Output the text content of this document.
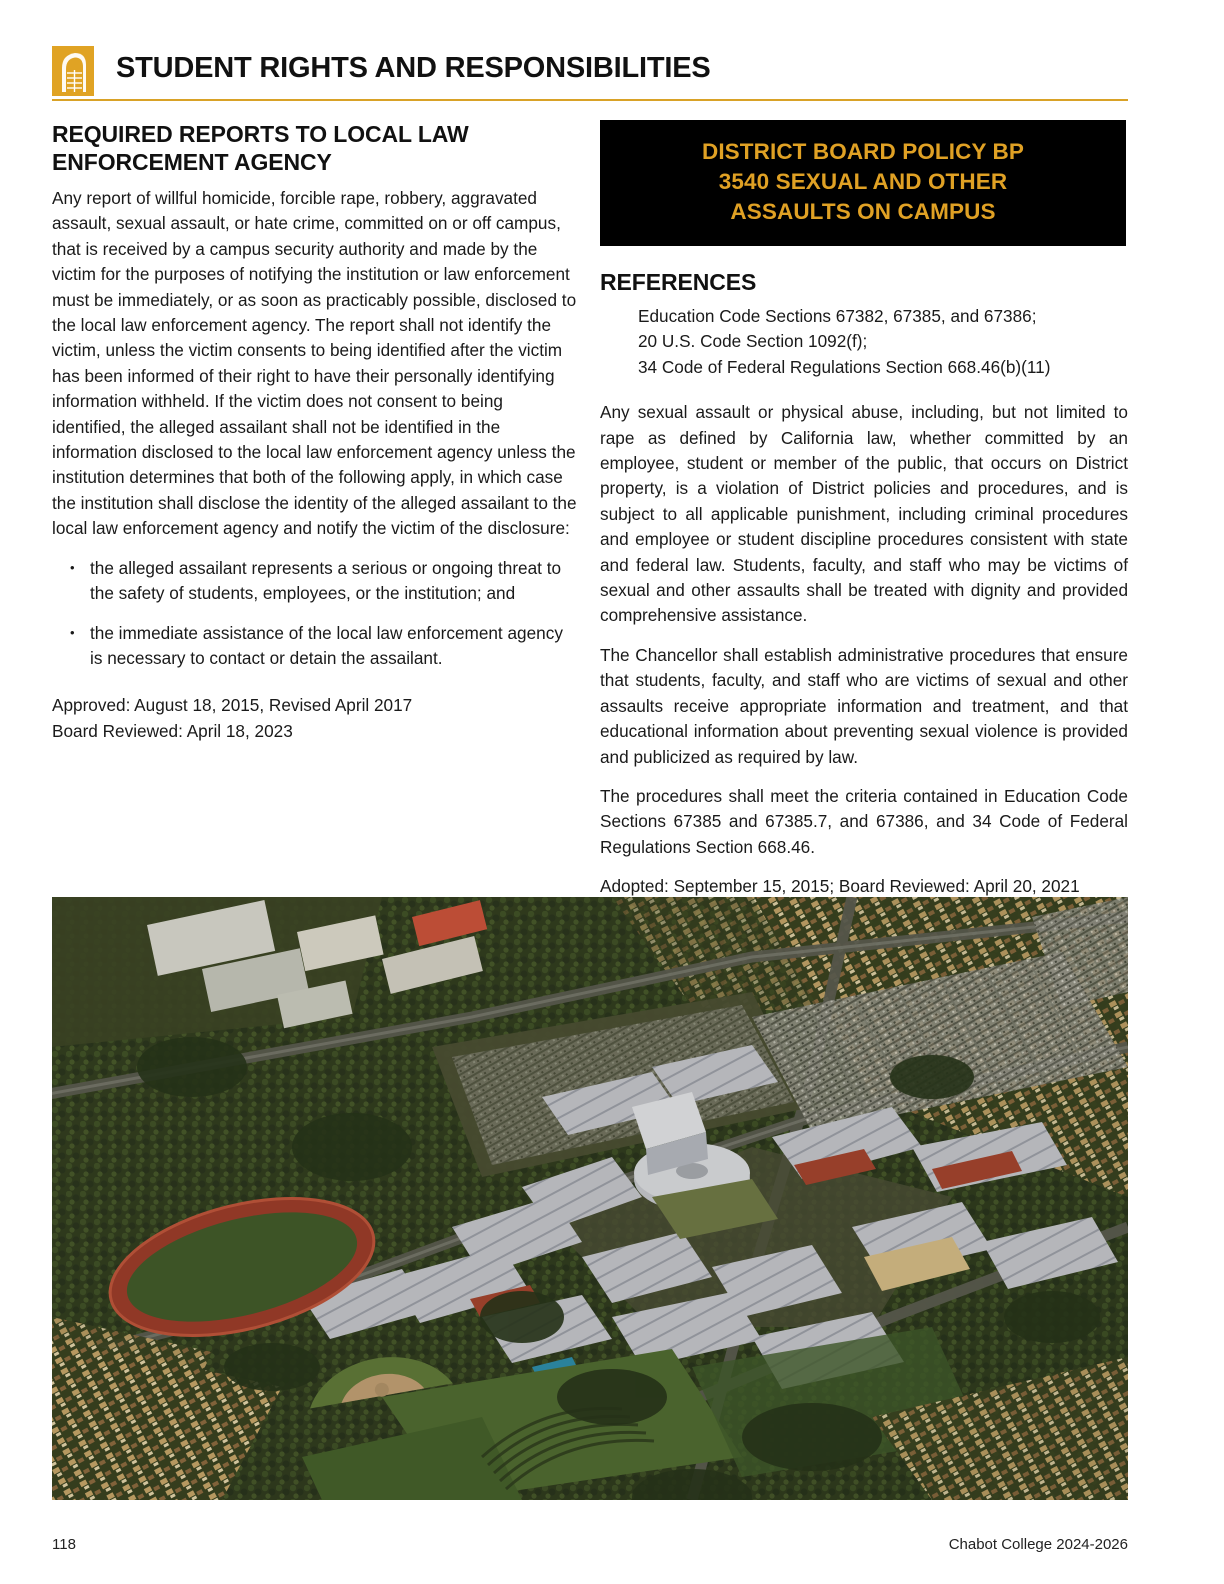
STUDENT RIGHTS AND RESPONSIBILITIES
REQUIRED REPORTS TO LOCAL LAW ENFORCEMENT AGENCY

Any report of willful homicide, forcible rape, robbery, aggravated assault, sexual assault, or hate crime, committed on or off campus, that is received by a campus security authority and made by the victim for the purposes of notifying the institution or law enforcement must be immediately, or as soon as practicably possible, disclosed to the local law enforcement agency. The report shall not identify the victim, unless the victim consents to being identified after the victim has been informed of their right to have their personally identifying information withheld. If the victim does not consent to being identified, the alleged assailant shall not be identified in the information disclosed to the local law enforcement agency unless the institution determines that both of the following apply, in which case the institution shall disclose the identity of the alleged assailant to the local law enforcement agency and notify the victim of the disclosure:

• the alleged assailant represents a serious or ongoing threat to the safety of students, employees, or the institution; and
• the immediate assistance of the local law enforcement agency is necessary to contact or detain the assailant.
Approved: August 18, 2015, Revised April 2017
Board Reviewed: April 18, 2023
DISTRICT BOARD POLICY BP
3540 SEXUAL AND OTHER
ASSAULTS ON CAMPUS
REFERENCES
Education Code Sections 67382, 67385, and 67386;
20 U.S. Code Section 1092(f);
34 Code of Federal Regulations Section 668.46(b)(11)

Any sexual assault or physical abuse, including, but not limited to rape as defined by California law, whether committed by an employee, student or member of the public, that occurs on District property, is a violation of District policies and procedures, and is subject to all applicable punishment, including criminal procedures and employee or student discipline procedures consistent with state and federal law. Students, faculty, and staff who may be victims of sexual and other assaults shall be treated with dignity and provided comprehensive assistance.

The Chancellor shall establish administrative procedures that ensure that students, faculty, and staff who are victims of sexual and other assaults receive appropriate information and treatment, and that educational information about preventing sexual violence is provided and publicized as required by law.

The procedures shall meet the criteria contained in Education Code Sections 67385 and 67385.7, and 67386, and 34 Code of Federal Regulations Section 668.46.

Adopted: September 15, 2015; Board Reviewed: April 20, 2021

118	Chabot College 2024-2026
